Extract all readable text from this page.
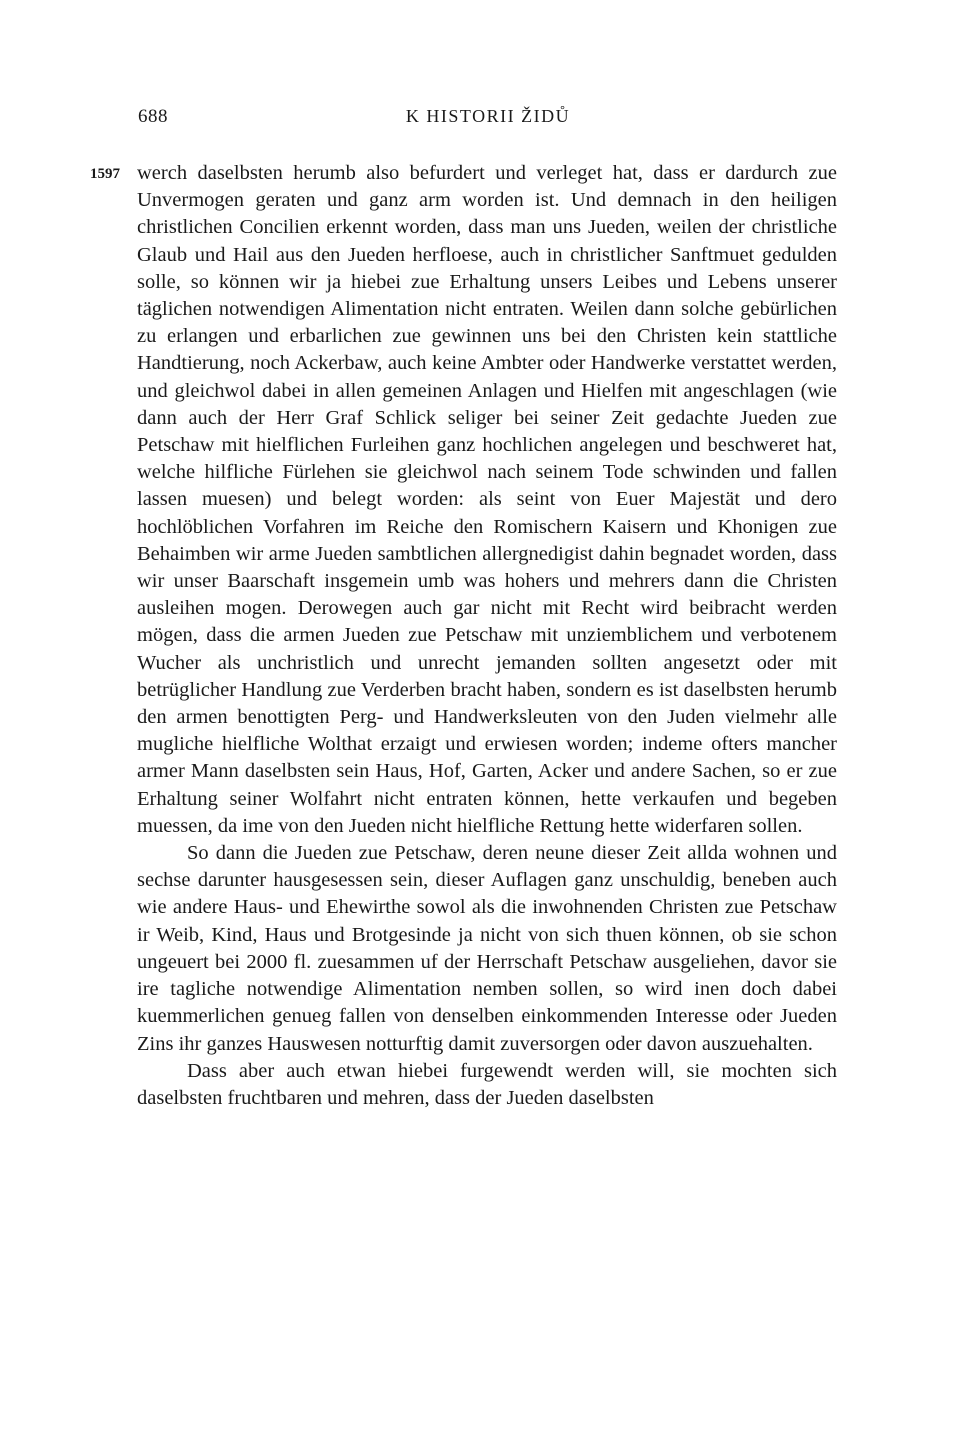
688	K HISTORII ŽIDŮ
1597 werch daselbsten herumb also befurdert und verleget hat, dass er dardurch zue Unvermogen geraten und ganz arm worden ist. Und demnach in den heiligen christlichen Concilien erkennt worden, dass man uns Jueden, weilen der christliche Glaub und Hail aus den Jueden herfloese, auch in christlicher Sanftmuet gedulden solle, so können wir ja hiebei zue Erhaltung unsers Leibes und Lebens unserer täglichen notwendigen Alimentation nicht entraten. Weilen dann solche gebürlichen zu erlangen und erbarlichen zue gewinnen uns bei den Christen kein stattliche Handtierung, noch Ackerbaw, auch keine Ambter oder Handwerke verstattet werden, und gleichwol dabei in allen gemeinen Anlagen und Hielfen mit angeschlagen (wie dann auch der Herr Graf Schlick seliger bei seiner Zeit gedachte Jueden zue Petschaw mit hielflichen Furleihen ganz hochlichen angelegen und beschweret hat, welche hilfliche Fürlehen sie gleichwol nach seinem Tode schwinden und fallen lassen muesen) und belegt worden: als seint von Euer Majestät und dero hochlöblichen Vorfahren im Reiche den Romischern Kaisern und Khonigen zue Behaimben wir arme Jueden sambtlichen allergnedigist dahin begnadet worden, dass wir unser Baarschaft insgemein umb was hohers und mehrers dann die Christen ausleihen mogen. Derowegen auch gar nicht mit Recht wird beibracht werden mögen, dass die armen Jueden zue Petschaw mit unziemblichem und verbotenem Wucher als unchristlich und unrecht jemanden sollten angesetzt oder mit betrüglicher Handlung zue Verderben bracht haben, sondern es ist daselbsten herumb den armen benottigten Perg- und Handwerksleuten von den Juden vielmehr alle mugliche hielfliche Wolthat erzaigt und erwiesen worden; indeme ofters mancher armer Mann daselbsten sein Haus, Hof, Garten, Acker und andere Sachen, so er zue Erhaltung seiner Wolfahrt nicht entraten können, hette verkaufen und begeben muessen, da ime von den Jueden nicht hielfliche Rettung hette widerfaren sollen.

So dann die Jueden zue Petschaw, deren neune dieser Zeit allda wohnen und sechse darunter hausgesessen sein, dieser Auflagen ganz unschuldig, beneben auch wie andere Haus- und Ehewirthe sowol als die inwohnenden Christen zue Petschaw ir Weib, Kind, Haus und Brotgesinde ja nicht von sich thuen können, ob sie schon ungeuert bei 2000 fl. zuesammen uf der Herrschaft Petschaw ausgeliehen, davor sie ire tagliche notwendige Alimentation nemben sollen, so wird inen doch dabei kuemmerlichen genueg fallen von denselben einkommenden Interesse oder Jueden Zins ihr ganzes Hauswesen notturftig damit zuversorgen oder davon auszuehalten.

Dass aber auch etwan hiebei furgewendt werden will, sie mochten sich daselbsten fruchtbaren und mehren, dass der Jueden daselbsten
